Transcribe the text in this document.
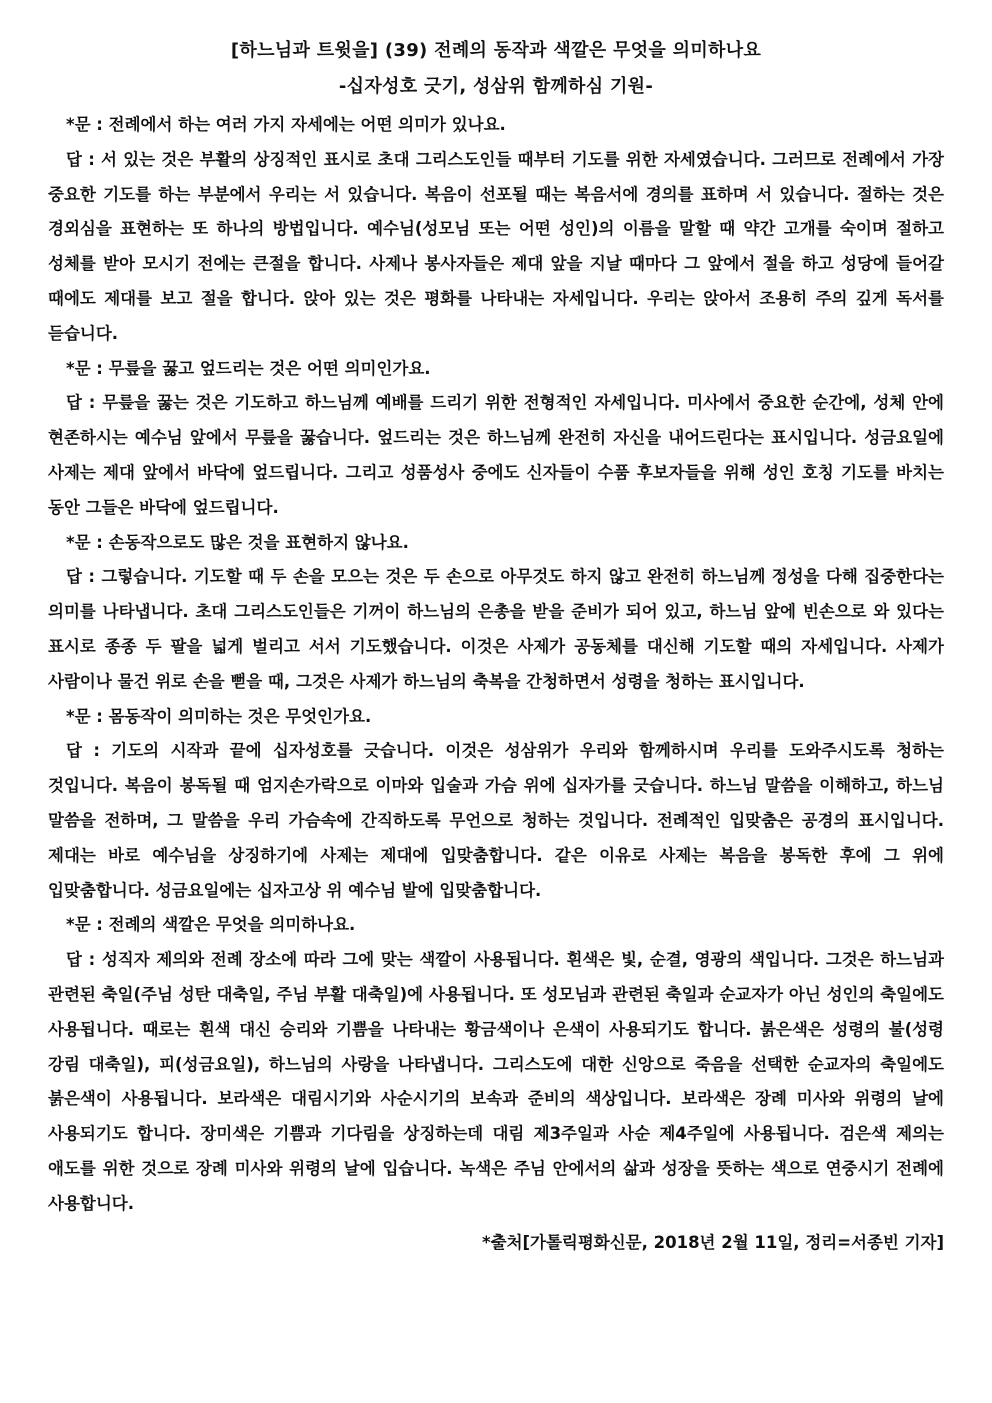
[하느님과 트윗을] (39) 전례의 동작과 색깔은 무엇을 의미하나요
-십자성호 긋기, 성삼위 함께하심 기원-

*문 : 전례에서 하는 여러 가지 자세에는 어떤 의미가 있나요.

답 : 서 있는 것은 부활의 상징적인 표시로 초대 그리스도인들 때부터 기도를 위한 자세였습니다. 그러므로 전례에서 가장 중요한 기도를 하는 부분에서 우리는 서 있습니다. 복음이 선포될 때는 복음서에 경의를 표하며 서 있습니다. 절하는 것은 경외심을 표현하는 또 하나의 방법입니다. 예수님(성모님 또는 어떤 성인)의 이름을 말할 때 약간 고개를 숙이며 절하고 성체를 받아 모시기 전에는 큰절을 합니다. 사제나 봉사자들은 제대 앞을 지날 때마다 그 앞에서 절을 하고 성당에 들어갈 때에도 제대를 보고 절을 합니다. 앉아 있는 것은 평화를 나타내는 자세입니다. 우리는 앉아서 조용히 주의 깊게 독서를 듣습니다.

*문 : 무릎을 꿇고 엎드리는 것은 어떤 의미인가요.

답 : 무릎을 꿇는 것은 기도하고 하느님께 예배를 드리기 위한 전형적인 자세입니다. 미사에서 중요한 순간에, 성체 안에 현존하시는 예수님 앞에서 무릎을 꿇습니다. 엎드리는 것은 하느님께 완전히 자신을 내어드린다는 표시입니다. 성금요일에 사제는 제대 앞에서 바닥에 엎드립니다. 그리고 성품성사 중에도 신자들이 수품 후보자들을 위해 성인 호칭 기도를 바치는 동안 그들은 바닥에 엎드립니다.

*문 : 손동작으로도 많은 것을 표현하지 않나요.

답 : 그렇습니다. 기도할 때 두 손을 모으는 것은 두 손으로 아무것도 하지 않고 완전히 하느님께 정성을 다해 집중한다는 의미를 나타냅니다. 초대 그리스도인들은 기꺼이 하느님의 은총을 받을 준비가 되어 있고, 하느님 앞에 빈손으로 와 있다는 표시로 종종 두 팔을 넓게 벌리고 서서 기도했습니다. 이것은 사제가 공동체를 대신해 기도할 때의 자세입니다. 사제가 사람이나 물건 위로 손을 뻗을 때, 그것은 사제가 하느님의 축복을 간청하면서 성령을 청하는 표시입니다.

*문 : 몸동작이 의미하는 것은 무엇인가요.

답 : 기도의 시작과 끝에 십자성호를 긋습니다. 이것은 성삼위가 우리와 함께하시며 우리를 도와주시도록 청하는 것입니다. 복음이 봉독될 때 엄지손가락으로 이마와 입술과 가슴 위에 십자가를 긋습니다. 하느님 말씀을 이해하고, 하느님 말씀을 전하며, 그 말씀을 우리 가슴속에 간직하도록 무언으로 청하는 것입니다. 전례적인 입맞춤은 공경의 표시입니다. 제대는 바로 예수님을 상징하기에 사제는 제대에 입맞춤합니다. 같은 이유로 사제는 복음을 봉독한 후에 그 위에 입맞춤합니다. 성금요일에는 십자고상 위 예수님 발에 입맞춤합니다.

*문 : 전례의 색깔은 무엇을 의미하나요.

답 : 성직자 제의와 전례 장소에 따라 그에 맞는 색깔이 사용됩니다. 흰색은 빛, 순결, 영광의 색입니다. 그것은 하느님과 관련된 축일(주님 성탄 대축일, 주님 부활 대축일)에 사용됩니다. 또 성모님과 관련된 축일과 순교자가 아닌 성인의 축일에도 사용됩니다. 때로는 흰색 대신 승리와 기쁨을 나타내는 황금색이나 은색이 사용되기도 합니다. 붉은색은 성령의 불(성령 강림 대축일), 피(성금요일), 하느님의 사랑을 나타냅니다. 그리스도에 대한 신앙으로 죽음을 선택한 순교자의 축일에도 붉은색이 사용됩니다. 보라색은 대림시기와 사순시기의 보속과 준비의 색상입니다. 보라색은 장례 미사와 위령의 날에 사용되기도 합니다. 장미색은 기쁨과 기다림을 상징하는데 대림 제3주일과 사순 제4주일에 사용됩니다. 검은색 제의는 애도를 위한 것으로 장례 미사와 위령의 날에 입습니다. 녹색은 주님 안에서의 삶과 성장을 뜻하는 색으로 연중시기 전례에 사용합니다.

*출처[가톨릭평화신문, 2018년 2월 11일, 정리=서종빈 기자]
